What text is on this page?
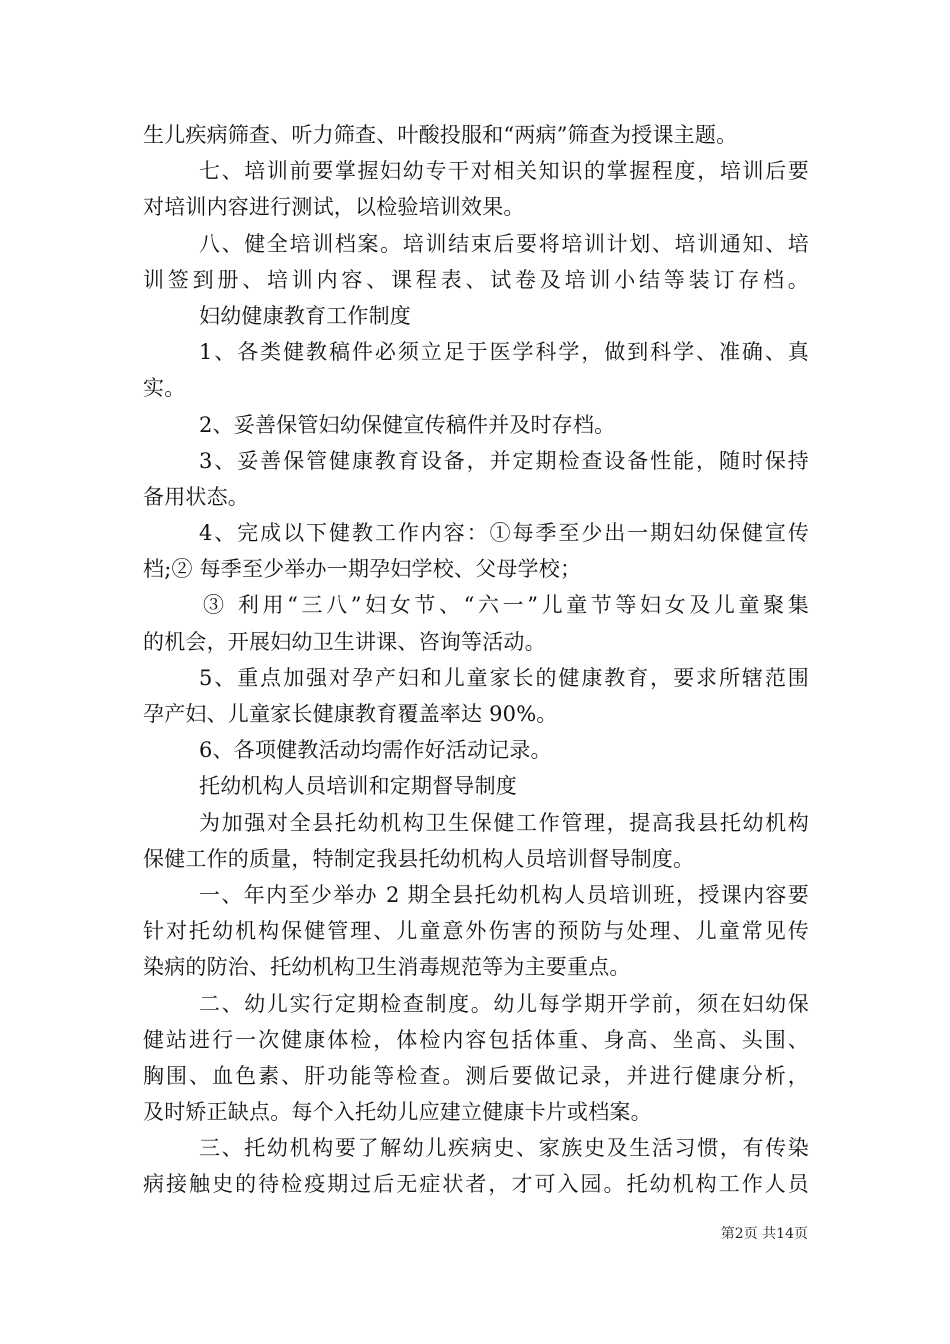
生儿疾病筛查、听力筛查、叶酸投服和“两病”筛查为授课主题。
七、培训前要掌握妇幼专干对相关知识的掌握程度，培训后要
对培训内容进行测试，以检验培训效果。
八、健全培训档案。培训结束后要将培训计划、培训通知、培
训签到册、培训内容、课程表、试卷及培训小结等装订存档。
妇幼健康教育工作制度
1、各类健教稿件必须立足于医学科学，做到科学、准确、真
实。
2、妥善保管妇幼保健宣传稿件并及时存档。
3、妥善保管健康教育设备，并定期检查设备性能，随时保持
备用状态。
4、完成以下健教工作内容：①每季至少出一期妇幼保健宣传
档;② 每季至少举办一期孕妇学校、父母学校；
③ 利用“三八”妇女节、“六一”儿童节等妇女及儿童聚集
的机会，开展妇幼卫生讲课、咨询等活动。
5、重点加强对孕产妇和儿童家长的健康教育，要求所辖范围
孕产妇、儿童家长健康教育覆盖率达 90%。
6、各项健教活动均需作好活动记录。
托幼机构人员培训和定期督导制度
为加强对全县托幼机构卫生保健工作管理，提高我县托幼机构
保健工作的质量，特制定我县托幼机构人员培训督导制度。
一、年内至少举办 2 期全县托幼机构人员培训班，授课内容要
针对托幼机构保健管理、儿童意外伤害的预防与处理、儿童常见传
染病的防治、托幼机构卫生消毒规范等为主要重点。
二、幼儿实行定期检查制度。幼儿每学期开学前，须在妇幼保
健站进行一次健康体检，体检内容包括体重、身高、坐高、头围、
胸围、血色素、肝功能等检查。测后要做记录，并进行健康分析，
及时矫正缺点。每个入托幼儿应建立健康卡片或档案。
三、托幼机构要了解幼儿疾病史、家族史及生活习惯，有传染
病接触史的待检疫期过后无症状者，才可入园。托幼机构工作人员
第2页 共14页
